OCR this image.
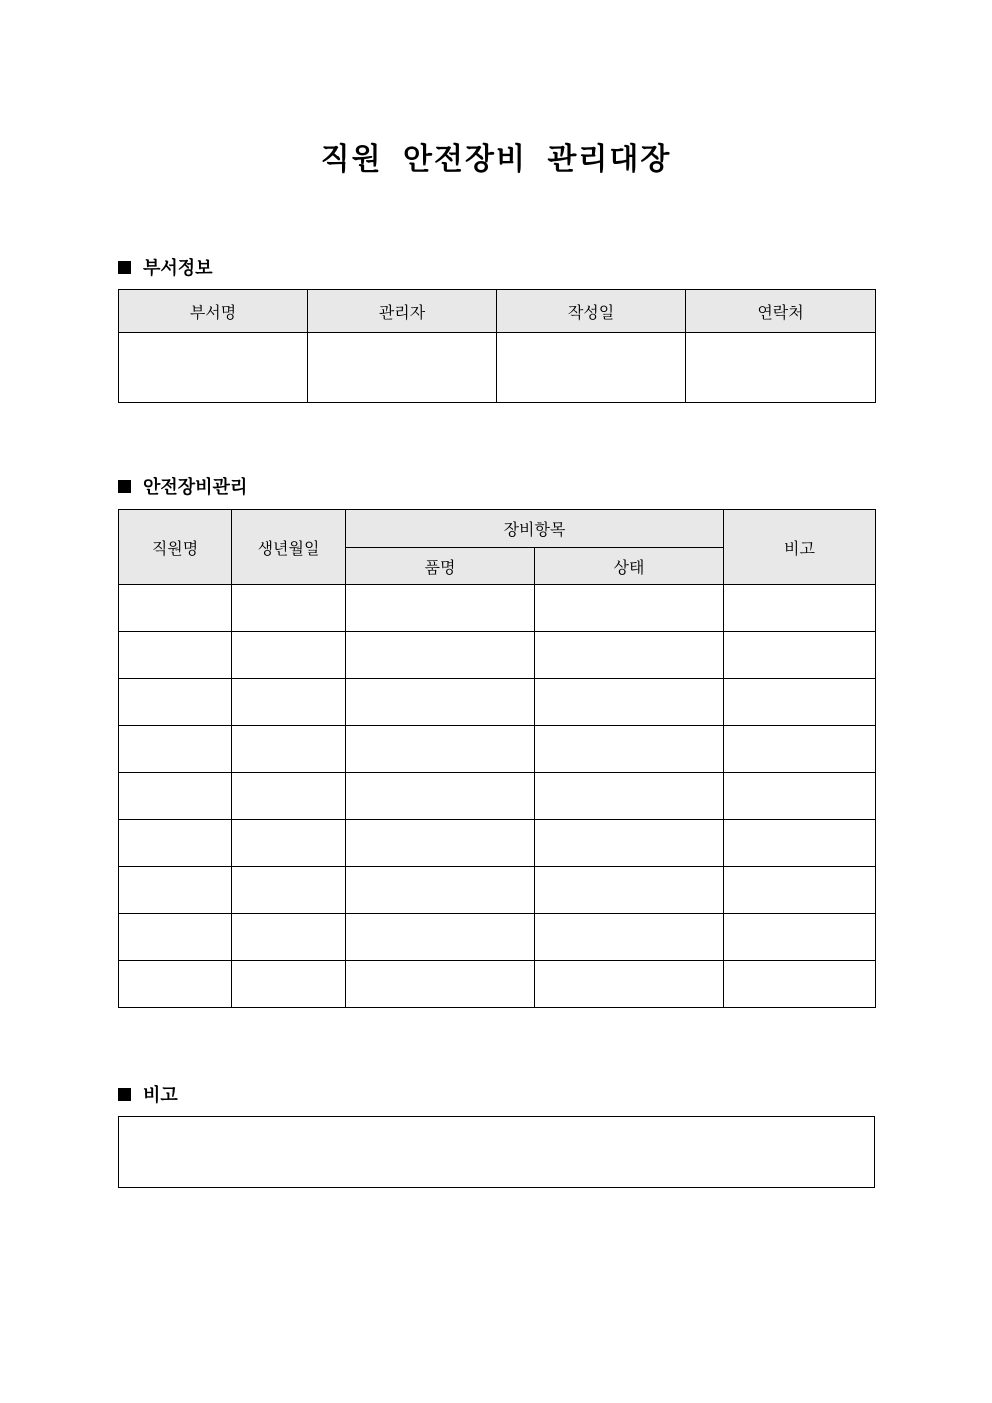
직원 안전장비 관리대장
부서정보
부서명	관리자	작성일	연락처

안전장비관리
직원명	생년월일	장비항목		비고
		품명	상태	

비고
